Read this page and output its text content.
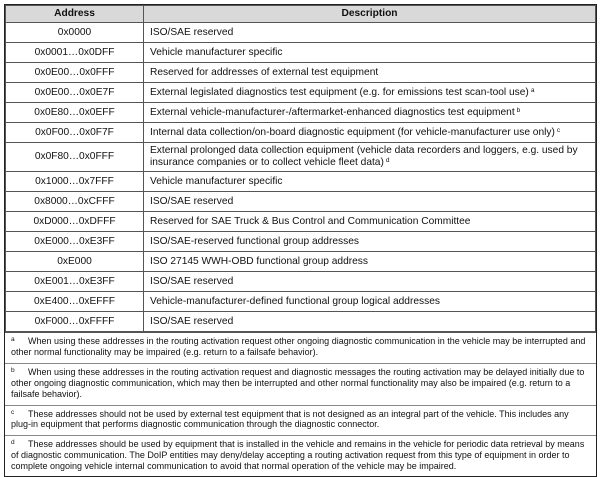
Address	Description
0x0000	ISO/SAE reserved
0x0001…0x0DFF	Vehicle manufacturer specific
0x0E00…0x0FFF	Reserved for addresses of external test equipment
0x0E00…0x0E7F	External legislated diagnostics test equipment (e.g. for emissions test scan-tool use) $^a$
0x0E80…0x0EFF	External vehicle-manufacturer-/aftermarket-enhanced diagnostics test equipment $^b$
0x0F00…0x0F7F	Internal data collection/on-board diagnostic equipment (for vehicle-manufacturer use only) $^c$
0x0F80…0x0FFF	External prolonged data collection equipment (vehicle data recorders and loggers, e.g. used by insurance companies or to collect vehicle fleet data) $^d$
0x1000…0x7FFF	Vehicle manufacturer specific
0x8000…0xCFFF	ISO/SAE reserved
0xD000…0xDFFF	Reserved for SAE Truck & Bus Control and Communication Committee
0xE000…0xE3FF	ISO/SAE-reserved functional group addresses
0xE000	ISO 27145 WWH-OBD functional group address
0xE001…0xE3FF	ISO/SAE reserved
0xE400…0xEFFF	Vehicle-manufacturer-defined functional group logical addresses
0xF000…0xFFFF	ISO/SAE reserved
a When using these addresses in the routing activation request other ongoing diagnostic communication in the vehicle may be interrupted and other normal functionality may be impaired (e.g. return to a failsafe behavior).
b When using these addresses in the routing activation request and diagnostic messages the routing activation may be delayed initially due to other ongoing diagnostic communication, which may then be interrupted and other normal functionality may also be impaired (e.g. return to a failsafe behavior).
c These addresses should not be used by external test equipment that is not designed as an integral part of the vehicle. This includes any plug-in equipment that performs diagnostic communication through the diagnostic connector.
d These addresses should be used by equipment that is installed in the vehicle and remains in the vehicle for periodic data retrieval by means of diagnostic communication. The DoIP entities may deny/delay accepting a routing activation request from this type of equipment in order to complete ongoing vehicle internal communication to avoid that normal operation of the vehicle may be impaired.
